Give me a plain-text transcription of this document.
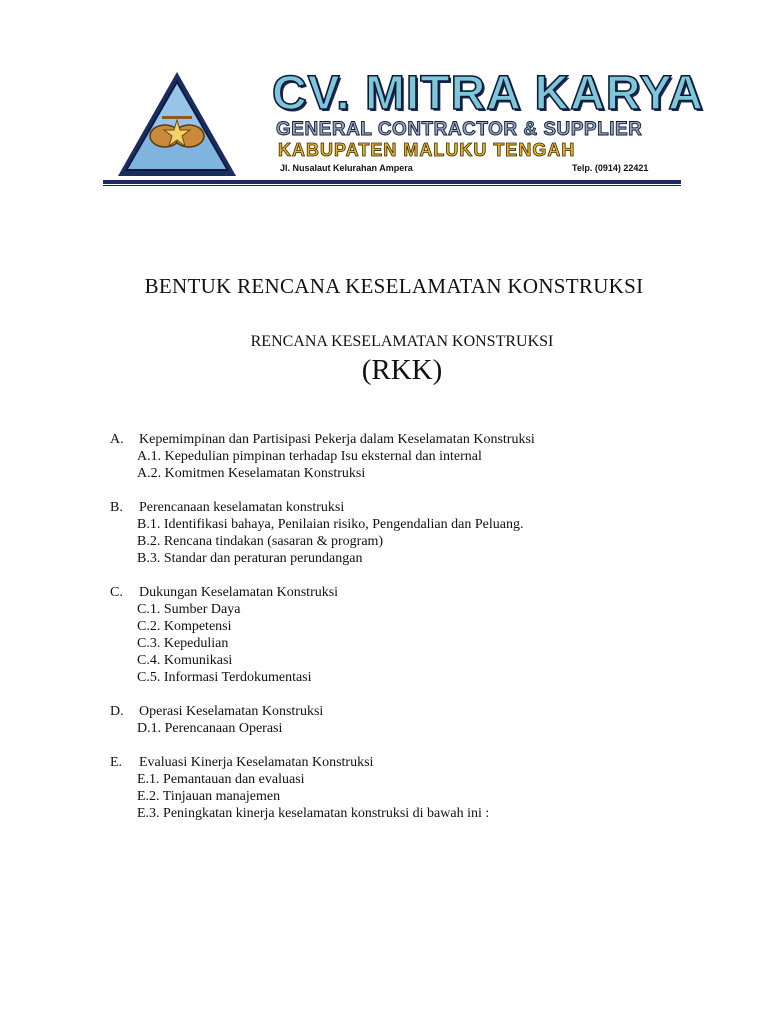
CV. MITRA KARYA
GENERAL CONTRACTOR & SUPPLIER
KABUPATEN MALUKU TENGAH
Jl. Nusalaut Kelurahan Ampera	Telp. (0914) 22421
BENTUK RENCANA KESELAMATAN KONSTRUKSI
RENCANA KESELAMATAN KONSTRUKSI
(RKK)
A.	Kepemimpinan dan Partisipasi Pekerja dalam Keselamatan Konstruksi
A.1. Kepedulian pimpinan terhadap Isu eksternal dan internal
A.2. Komitmen Keselamatan Konstruksi
B.	Perencanaan keselamatan konstruksi
B.1. Identifikasi bahaya, Penilaian risiko, Pengendalian dan Peluang.
B.2. Rencana tindakan (sasaran & program)
B.3. Standar dan peraturan perundangan
C.	Dukungan Keselamatan Konstruksi
C.1. Sumber Daya
C.2. Kompetensi
C.3. Kepedulian
C.4. Komunikasi
C.5. Informasi Terdokumentasi
D.	Operasi Keselamatan Konstruksi
D.1. Perencanaan Operasi
E.	Evaluasi Kinerja Keselamatan Konstruksi
E.1. Pemantauan dan evaluasi
E.2. Tinjauan manajemen
E.3. Peningkatan kinerja keselamatan konstruksi di bawah ini :
